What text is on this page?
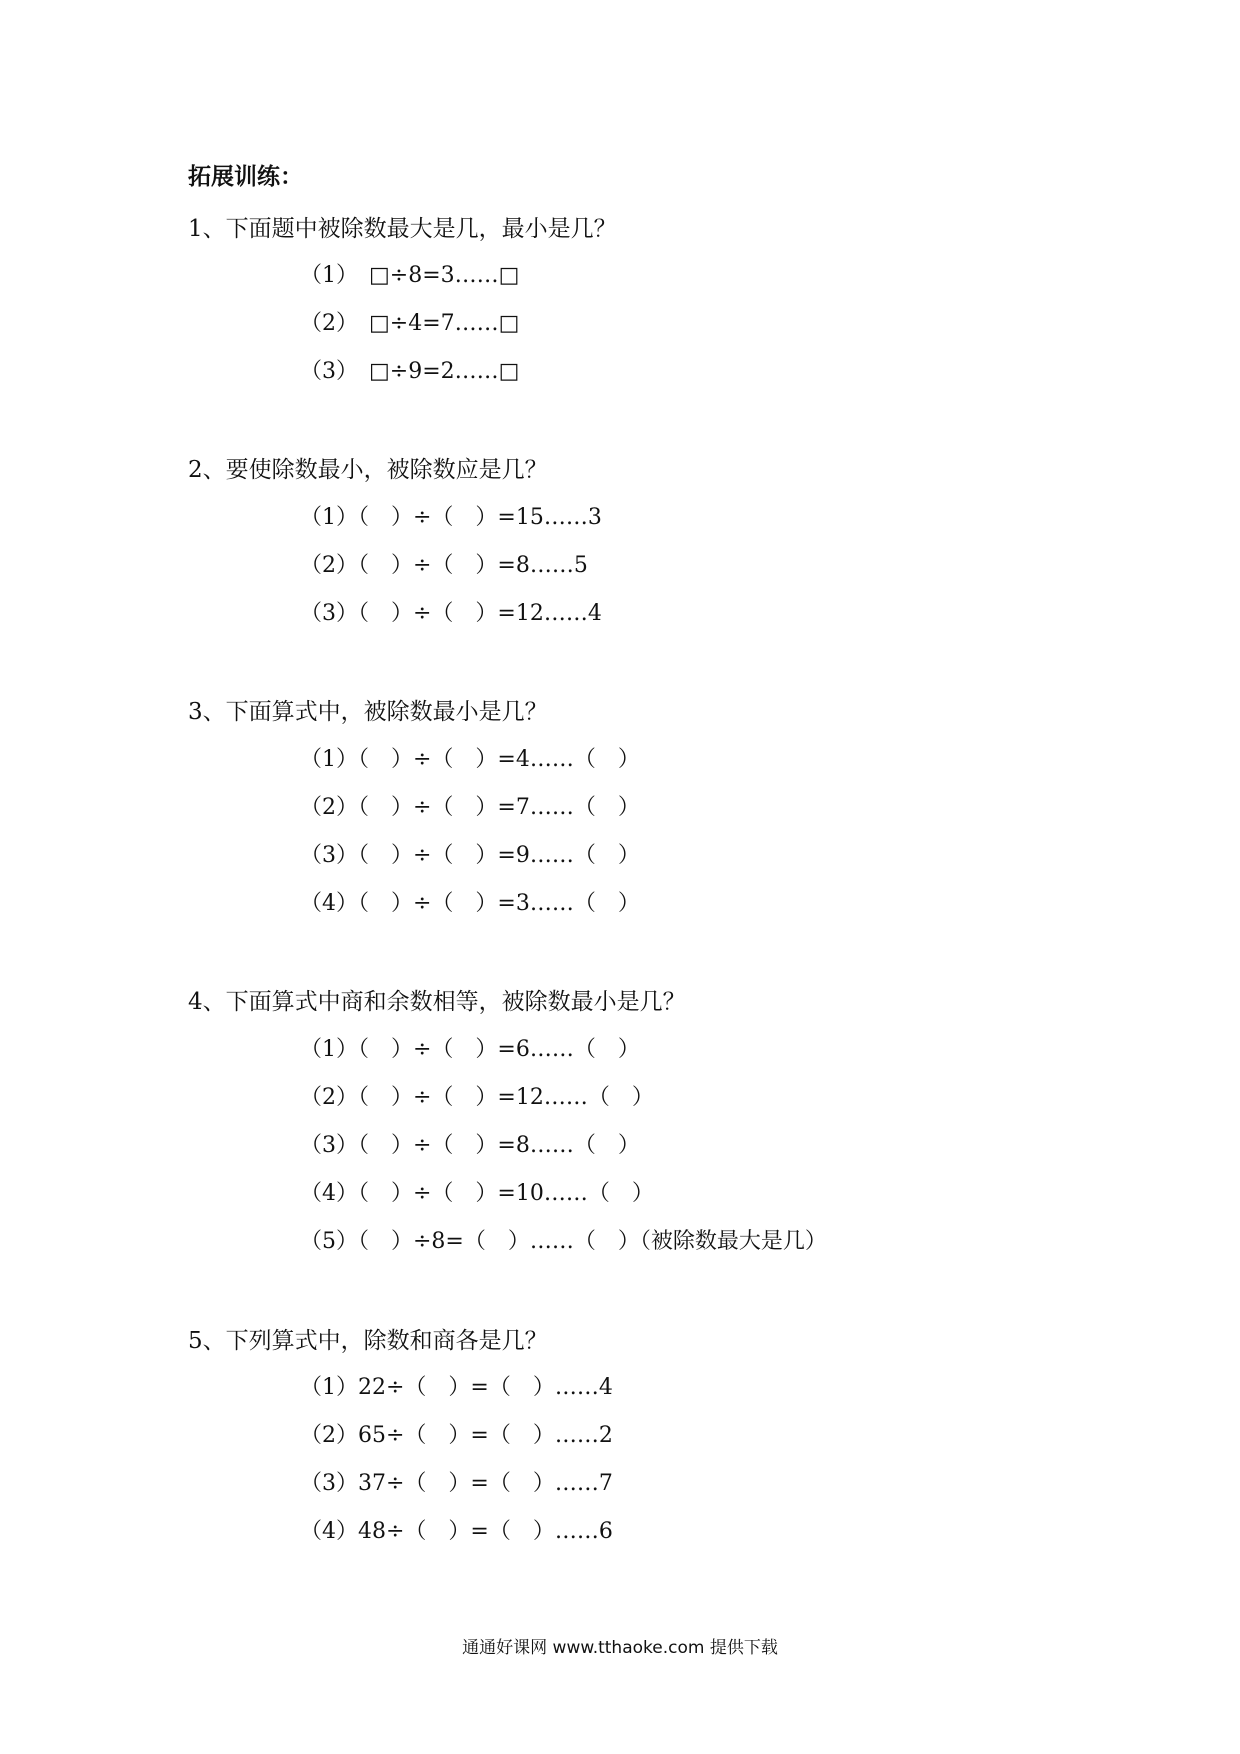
拓展训练：
1、下面题中被除数最大是几，最小是几？
（1）　□÷8=3……□
（2）　□÷4=7……□
（3）　□÷9=2……□
2、要使除数最小，被除数应是几？
（1）（　）÷（　）=15……3
（2）（　）÷（　）=8……5
（3）（　）÷（　）=12……4
3、下面算式中，被除数最小是几？
（1）（　）÷（　）=4……（　）
（2）（　）÷（　）=7……（　）
（3）（　）÷（　）=9……（　）
（4）（　）÷（　）=3……（　）
4、下面算式中商和余数相等，被除数最小是几？
（1）（　）÷（　）=6……（　）
（2）（　）÷（　）=12……（　）
（3）（　）÷（　）=8……（　）
（4）（　）÷（　）=10……（　）
（5）（　）÷8=（　）……（　）（被除数最大是几）
5、下列算式中，除数和商各是几？
（1）22÷（　）=（　）……4
（2）65÷（　）=（　）……2
（3）37÷（　）=（　）……7
（4）48÷（　）=（　）……6
通通好课网 www.tthaoke.com 提供下载
